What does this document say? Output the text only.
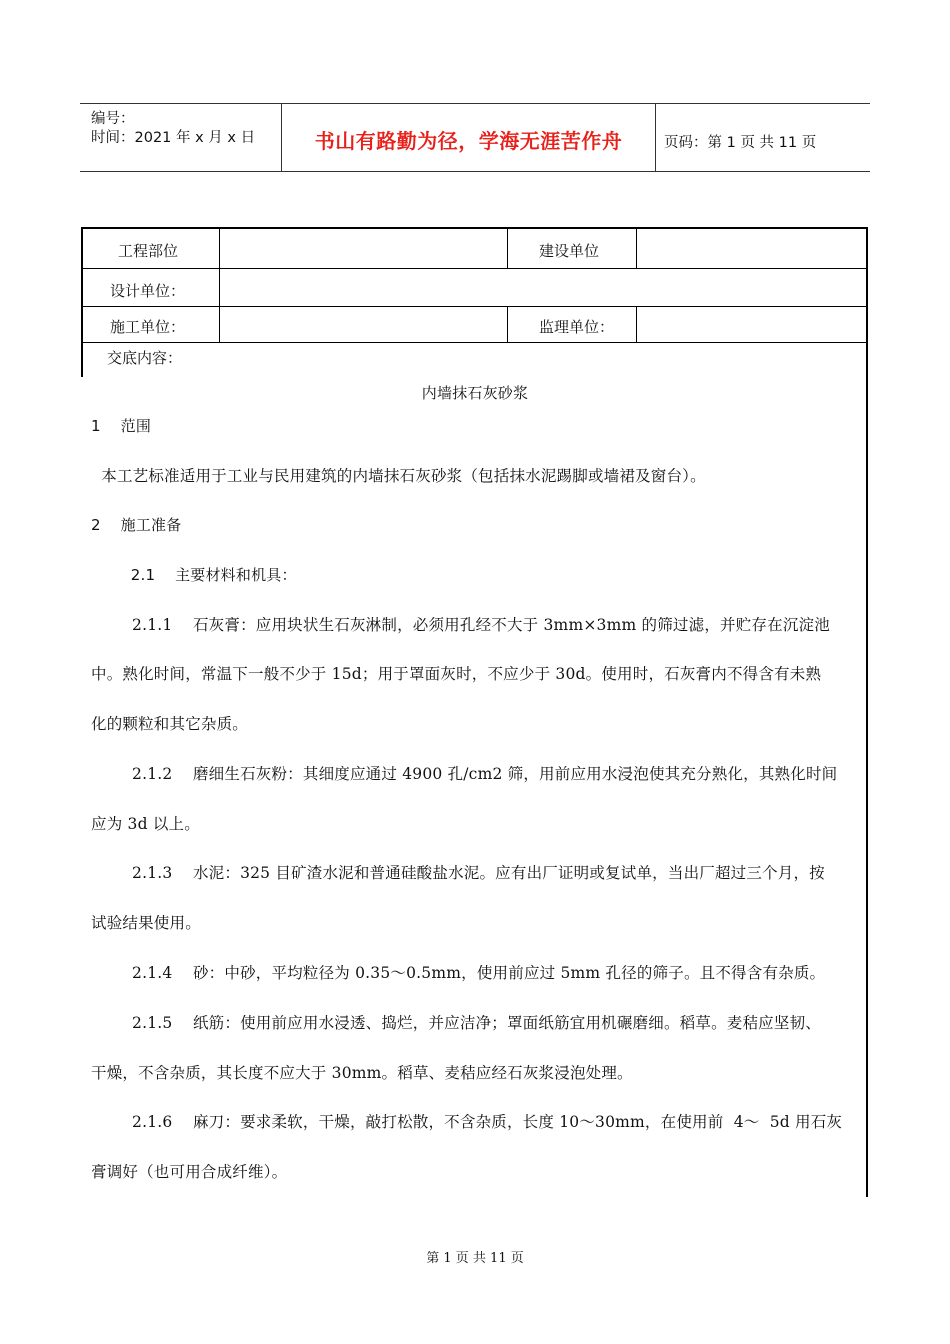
编号：
时间：2021 年 x 月 x 日	书山有路勤为径，学海无涯苦作舟	页码：第 1 页 共 11 页
工程部位	建设单位
设计单位：
施工单位：	监理单位：
交底内容：
内墙抹石灰砂浆
1    范围
本工艺标准适用于工业与民用建筑的内墙抹石灰砂浆（包括抹水泥踢脚或墙裙及窗台）。
2    施工准备
2.1    主要材料和机具：
2.1.1    石灰膏：应用块状生石灰淋制，必须用孔经不大于 3mm×3mm 的筛过滤，并贮存在沉淀池
中。熟化时间，常温下一般不少于 15d；用于罩面灰时，不应少于 30d。使用时，石灰膏内不得含有未熟
化的颗粒和其它杂质。
2.1.2    磨细生石灰粉：其细度应通过 4900 孔/cm2 筛，用前应用水浸泡使其充分熟化，其熟化时间
应为 3d 以上。
2.1.3    水泥：325 目矿渣水泥和普通硅酸盐水泥。应有出厂证明或复试单，当出厂超过三个月，按
试验结果使用。
2.1.4    砂：中砂，平均粒径为 0.35～0.5mm，使用前应过 5mm 孔径的筛子。且不得含有杂质。
2.1.5    纸筋：使用前应用水浸透、捣烂，并应洁净；罩面纸筋宜用机碾磨细。稻草。麦秸应坚韧、
干燥，不含杂质，其长度不应大于 30mm。稻草、麦秸应经石灰浆浸泡处理。
2.1.6    麻刀：要求柔软，干燥，敲打松散，不含杂质，长度 10～30mm，在使用前  4～  5d 用石灰
膏调好（也可用合成纤维）。
第 1 页 共 11 页
